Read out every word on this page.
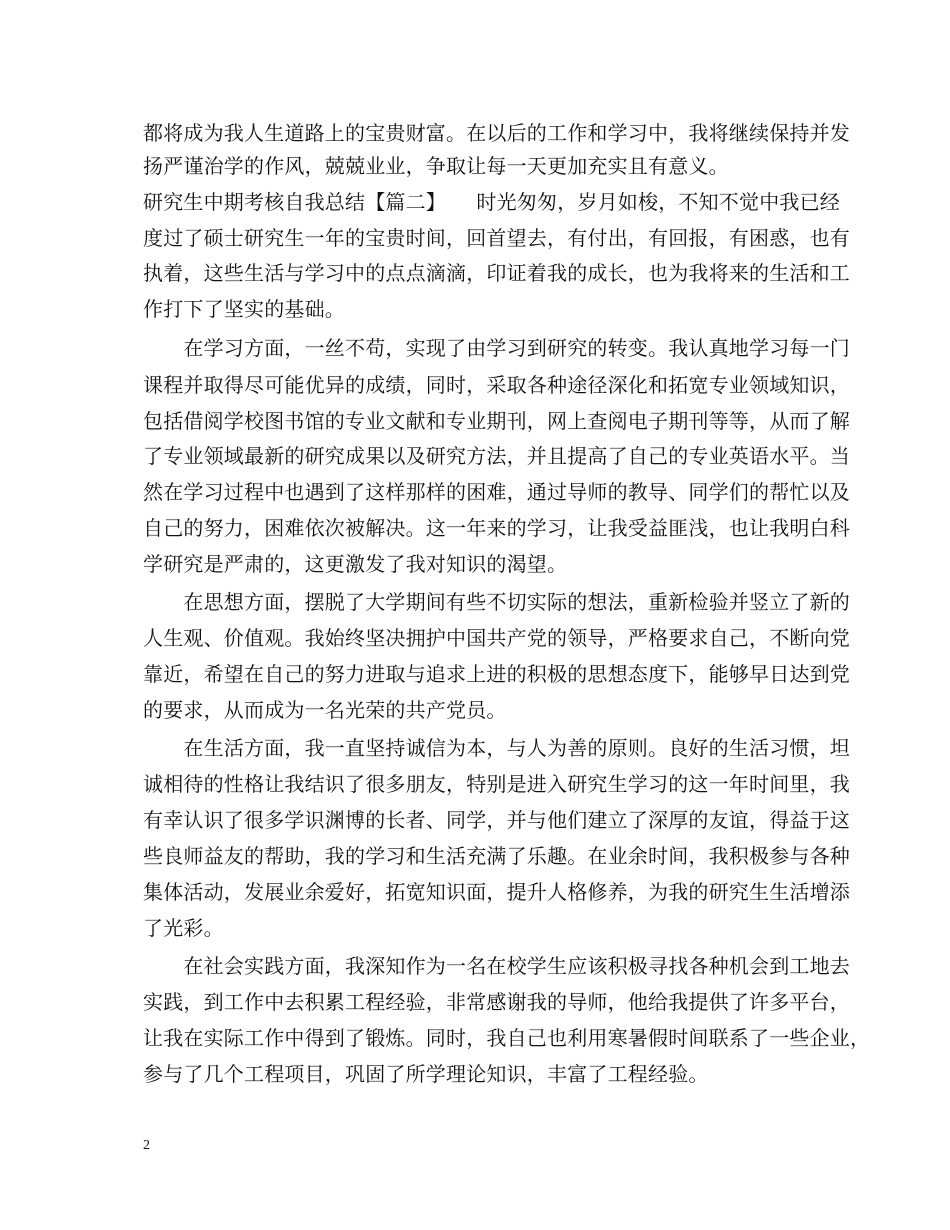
都将成为我人生道路上的宝贵财富。在以后的工作和学习中，我将继续保持并发
扬严谨治学的作风，兢兢业业，争取让每一天更加充实且有意义。
研究生中期考核自我总结【篇二】　　时光匆匆，岁月如梭，不知不觉中我已经
度过了硕士研究生一年的宝贵时间，回首望去，有付出，有回报，有困惑，也有
执着，这些生活与学习中的点点滴滴，印证着我的成长，也为我将来的生活和工
作打下了坚实的基础。
　　在学习方面，一丝不苟，实现了由学习到研究的转变。我认真地学习每一门
课程并取得尽可能优异的成绩，同时，采取各种途径深化和拓宽专业领域知识，
包括借阅学校图书馆的专业文献和专业期刊，网上查阅电子期刊等等，从而了解
了专业领域最新的研究成果以及研究方法，并且提高了自己的专业英语水平。当
然在学习过程中也遇到了这样那样的困难，通过导师的教导、同学们的帮忙以及
自己的努力，困难依次被解决。这一年来的学习，让我受益匪浅，也让我明白科
学研究是严肃的，这更激发了我对知识的渴望。
　　在思想方面，摆脱了大学期间有些不切实际的想法，重新检验并竖立了新的
人生观、价值观。我始终坚决拥护中国共产党的领导，严格要求自己，不断向党
靠近，希望在自己的努力进取与追求上进的积极的思想态度下，能够早日达到党
的要求，从而成为一名光荣的共产党员。
　　在生活方面，我一直坚持诚信为本，与人为善的原则。良好的生活习惯，坦
诚相待的性格让我结识了很多朋友，特别是进入研究生学习的这一年时间里，我
有幸认识了很多学识渊博的长者、同学，并与他们建立了深厚的友谊，得益于这
些良师益友的帮助，我的学习和生活充满了乐趣。在业余时间，我积极参与各种
集体活动，发展业余爱好，拓宽知识面，提升人格修养，为我的研究生生活增添
了光彩。
　　在社会实践方面，我深知作为一名在校学生应该积极寻找各种机会到工地去
实践，到工作中去积累工程经验，非常感谢我的导师，他给我提供了许多平台，
让我在实际工作中得到了锻炼。同时，我自己也利用寒暑假时间联系了一些企业，
参与了几个工程项目，巩固了所学理论知识，丰富了工程经验。
2
